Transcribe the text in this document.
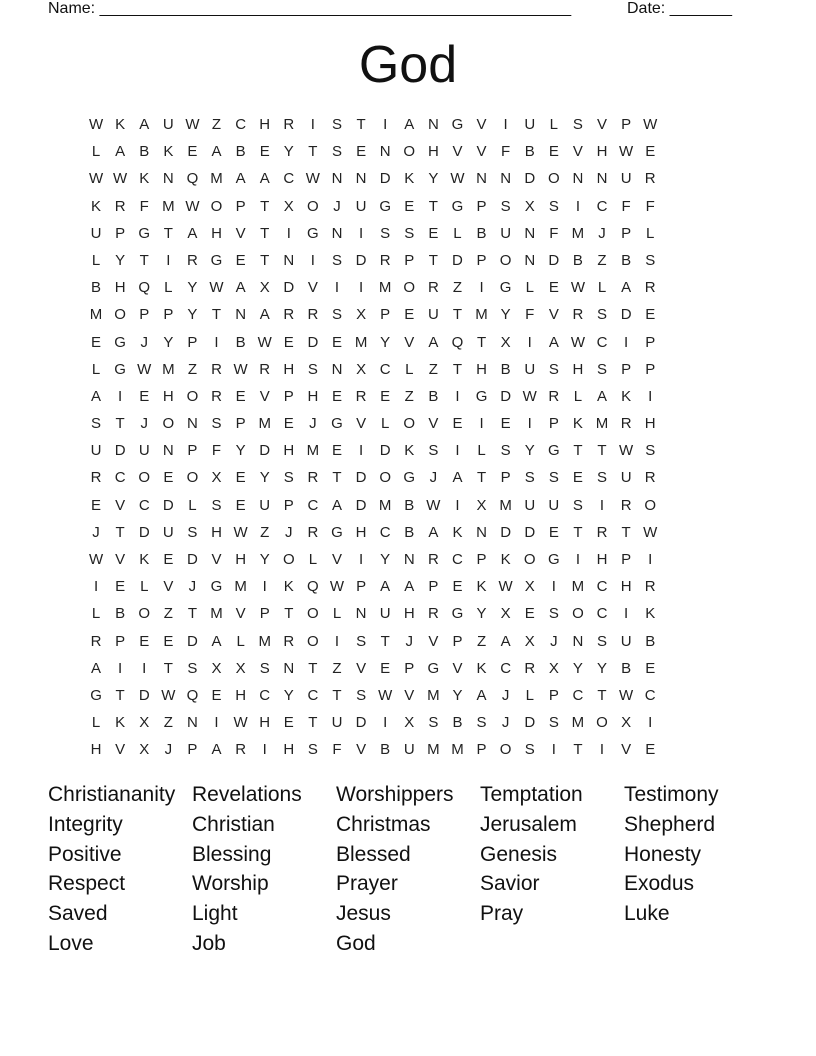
Name: _____________________________________________________	Date: _______
God
W K A U W Z C H R	I	S T	I	A N G V	I	U L S V P W
L A B K E A B E Y T S E N O H V V F B E V H W E
W W K N Q M A A C W N N D K Y W N N D O N N U R
K R F M W O P T X O J U G E T G P S X S	I	C F F
U P G T A H V T	I	G N	I	S S E L B U N F M J	P L
L Y T	I	R G E T N	I	S D R P T D P O N D B Z B S
B H Q L Y W A X D V	I	I	M O R Z	I	G L E W L A R
M O P P Y T N A R R S X P E U T M Y F V R S D E
E G J	Y P	I	B W E D E M Y V A Q T X	I	A W C	I	P
L G W M Z R W R H S N X C L	Z T H B U S H S P P
A	I	E H O R E V P H E R E Z B	I	G D W R L A K	I
S T	J O N S P M E	J G V L O V E	I	E	I	P K M R H
U D U N P F Y D H M E	I	D K S	I	L S Y G T T W S
R C O E O X E Y S R T D O G J	A T P S S E S U R
E V C D L S E U P C A D M B W I	X M U U S	I	R O
J	T D U S H W Z	J R G H C B A K N D D E T R T W
W V K E D V H Y O L V	I	Y N R C P K O G	I	H P	I
I	E L V	J G M	I	K Q W P A A P E K W X	I	M C H R
L B O Z T M V P T O L N U H R G Y X E S O C	I	K
R P E E D A L M R O	I	S T	J	V P Z A X	J N S U B
A	I	I	T S X X S N T Z V E P G V K C R X Y Y B E
G T D W Q E H C Y C T S W V M Y A	J	L P C T W C
L K X Z N	I W H E T U D	I	X S B S	J D S M O X	I
H V X	J	P A R	I	H S F V B U M M P O S	I	T	I	V E
Christiananity Revelations	Worshippers	Temptation	Testimony
Integrity	Christian	Christmas	Jerusalem	Shepherd
Positive	Blessing	Blessed	Genesis	Honesty
Respect	Worship	Prayer	Savior	Exodus
Saved	Light	Jesus	Pray	Luke
Love	Job	God
